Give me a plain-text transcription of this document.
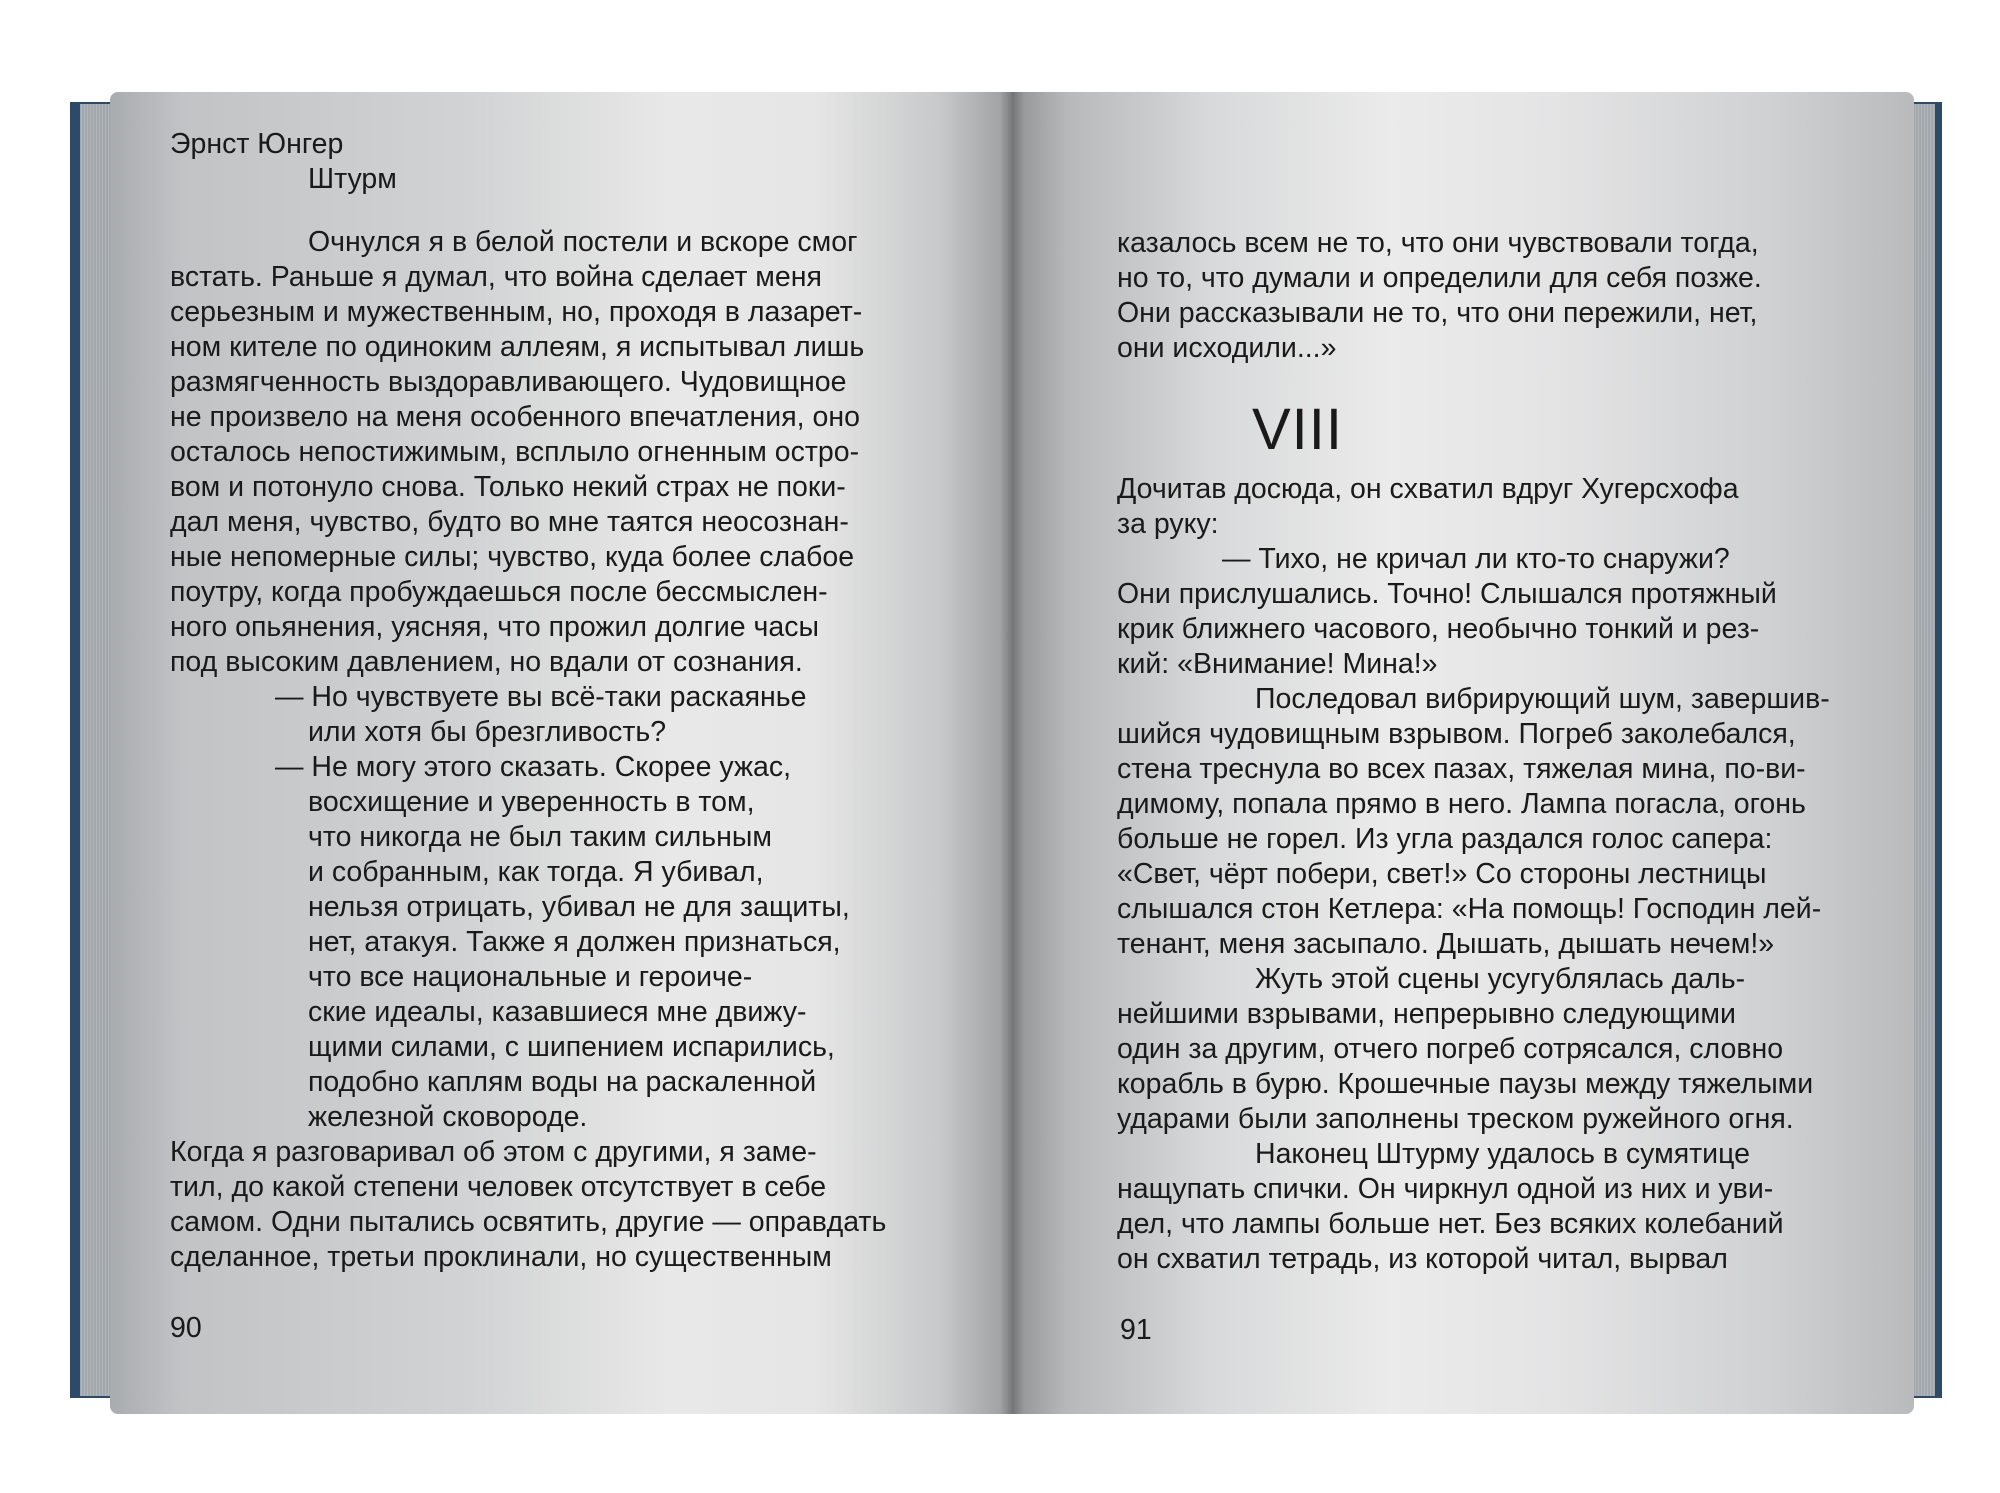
Эрнст Юнгер
Штурм
Очнулся я в белой постели и вскоре смог
встать. Раньше я думал, что война сделает меня
серьезным и мужественным, но, проходя в лазарет-
ном кителе по одиноким аллеям, я испытывал лишь
размягченность выздоравливающего. Чудовищное
не произвело на меня особенного впечатления, оно
осталось непостижимым, всплыло огненным остро-
вом и потонуло снова. Только некий страх не поки-
дал меня, чувство, будто во мне таятся неосознан-
ные непомерные силы; чувство, куда более слабое
поутру, когда пробуждаешься после бессмыслен-
ного опьянения, уясняя, что прожил долгие часы
под высоким давлением, но вдали от сознания.
— Но чувствуете вы всё-таки раскаянье
или хотя бы брезгливость?
— Не могу этого сказать. Скорее ужас,
восхищение и уверенность в том,
что никогда не был таким сильным
и собранным, как тогда. Я убивал,
нельзя отрицать, убивал не для защиты,
нет, атакуя. Также я должен признаться,
что все национальные и героиче-
ские идеалы, казавшиеся мне движу-
щими силами, с шипением испарились,
подобно каплям воды на раскаленной
железной сковороде.
Когда я разговаривал об этом с другими, я заме-
тил, до какой степени человек отсутствует в себе
самом. Одни пытались освятить, другие — оправдать
сделанное, третьи проклинали, но существенным
90
казалось всем не то, что они чувствовали тогда,
но то, что думали и определили для себя позже.
Они рассказывали не то, что они пережили, нет,
они исходили...»
VIII
Дочитав досюда, он схватил вдруг Хугерсхофа
за руку:
— Тихо, не кричал ли кто-то снаружи?
Они прислушались. Точно! Слышался протяжный
крик ближнего часового, необычно тонкий и рез-
кий: «Внимание! Мина!»
Последовал вибрирующий шум, завершив-
шийся чудовищным взрывом. Погреб заколебался,
стена треснула во всех пазах, тяжелая мина, по-ви-
димому, попала прямо в него. Лампа погасла, огонь
больше не горел. Из угла раздался голос сапера:
«Свет, чёрт побери, свет!» Со стороны лестницы
слышался стон Кетлера: «На помощь! Господин лей-
тенант, меня засыпало. Дышать, дышать нечем!»
Жуть этой сцены усугублялась даль-
нейшими взрывами, непрерывно следующими
один за другим, отчего погреб сотрясался, словно
корабль в бурю. Крошечные паузы между тяжелыми
ударами были заполнены треском ружейного огня.
Наконец Штурму удалось в сумятице
нащупать спички. Он чиркнул одной из них и уви-
дел, что лампы больше нет. Без всяких колебаний
он схватил тетрадь, из которой читал, вырвал
91
